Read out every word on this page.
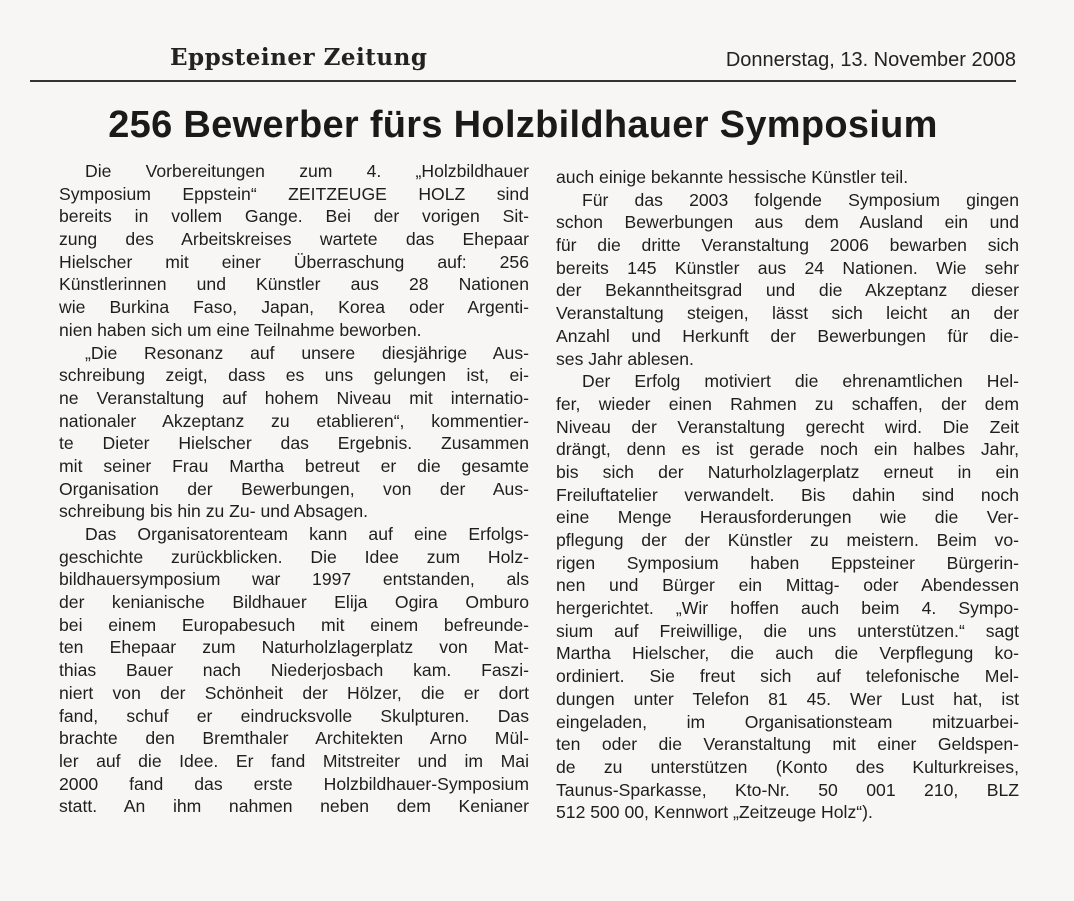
Eppsteiner Zeitung	Donnerstag, 13. November 2008
256 Bewerber fürs Holzbildhauer Symposium
Die Vorbereitungen zum 4. „Holzbildhauer
Symposium Eppstein“ ZEITZEUGE HOLZ sind
bereits in vollem Gange. Bei der vorigen Sit-
zung des Arbeitskreises wartete das Ehepaar
Hielscher mit einer Überraschung auf: 256
Künstlerinnen und Künstler aus 28 Nationen
wie Burkina Faso, Japan, Korea oder Argenti-
nien haben sich um eine Teilnahme beworben.
„Die Resonanz auf unsere diesjährige Aus-
schreibung zeigt, dass es uns gelungen ist, ei-
ne Veranstaltung auf hohem Niveau mit internatio-
nationaler Akzeptanz zu etablieren“, kommentier-
te Dieter Hielscher das Ergebnis. Zusammen
mit seiner Frau Martha betreut er die gesamte
Organisation der Bewerbungen, von der Aus-
schreibung bis hin zu Zu- und Absagen.
Das Organisatorenteam kann auf eine Erfolgs-
geschichte zurückblicken. Die Idee zum Holz-
bildhauersymposium war 1997 entstanden, als
der kenianische Bildhauer Elija Ogira Omburo
bei einem Europabesuch mit einem befreunde-
ten Ehepaar zum Naturholzlagerplatz von Mat-
thias Bauer nach Niederjosbach kam. Faszi-
niert von der Schönheit der Hölzer, die er dort
fand, schuf er eindrucksvolle Skulpturen. Das
brachte den Bremthaler Architekten Arno Mül-
ler auf die Idee. Er fand Mitstreiter und im Mai
2000 fand das erste Holzbildhauer-Symposium
statt. An ihm nahmen neben dem Kenianer
auch einige bekannte hessische Künstler teil.
Für das 2003 folgende Symposium gingen
schon Bewerbungen aus dem Ausland ein und
für die dritte Veranstaltung 2006 bewarben sich
bereits 145 Künstler aus 24 Nationen. Wie sehr
der Bekanntheitsgrad und die Akzeptanz dieser
Veranstaltung steigen, lässt sich leicht an der
Anzahl und Herkunft der Bewerbungen für die-
ses Jahr ablesen.
Der Erfolg motiviert die ehrenamtlichen Hel-
fer, wieder einen Rahmen zu schaffen, der dem
Niveau der Veranstaltung gerecht wird. Die Zeit
drängt, denn es ist gerade noch ein halbes Jahr,
bis sich der Naturholzlagerplatz erneut in ein
Freiluftatelier verwandelt. Bis dahin sind noch
eine Menge Herausforderungen wie die Ver-
pflegung der der Künstler zu meistern. Beim vo-
rigen Symposium haben Eppsteiner Bürgerin-
nen und Bürger ein Mittag- oder Abendessen
hergerichtet. „Wir hoffen auch beim 4. Sympo-
sium auf Freiwillige, die uns unterstützen.“ sagt
Martha Hielscher, die auch die Verpflegung ko-
ordiniert. Sie freut sich auf telefonische Mel-
dungen unter Telefon 81 45. Wer Lust hat, ist
eingeladen, im Organisationsteam mitzuarbei-
ten oder die Veranstaltung mit einer Geldspen-
de zu unterstützen (Konto des Kulturkreises,
Taunus-Sparkasse, Kto-Nr. 50 001 210, BLZ
512 500 00, Kennwort „Zeitzeuge Holz“).
